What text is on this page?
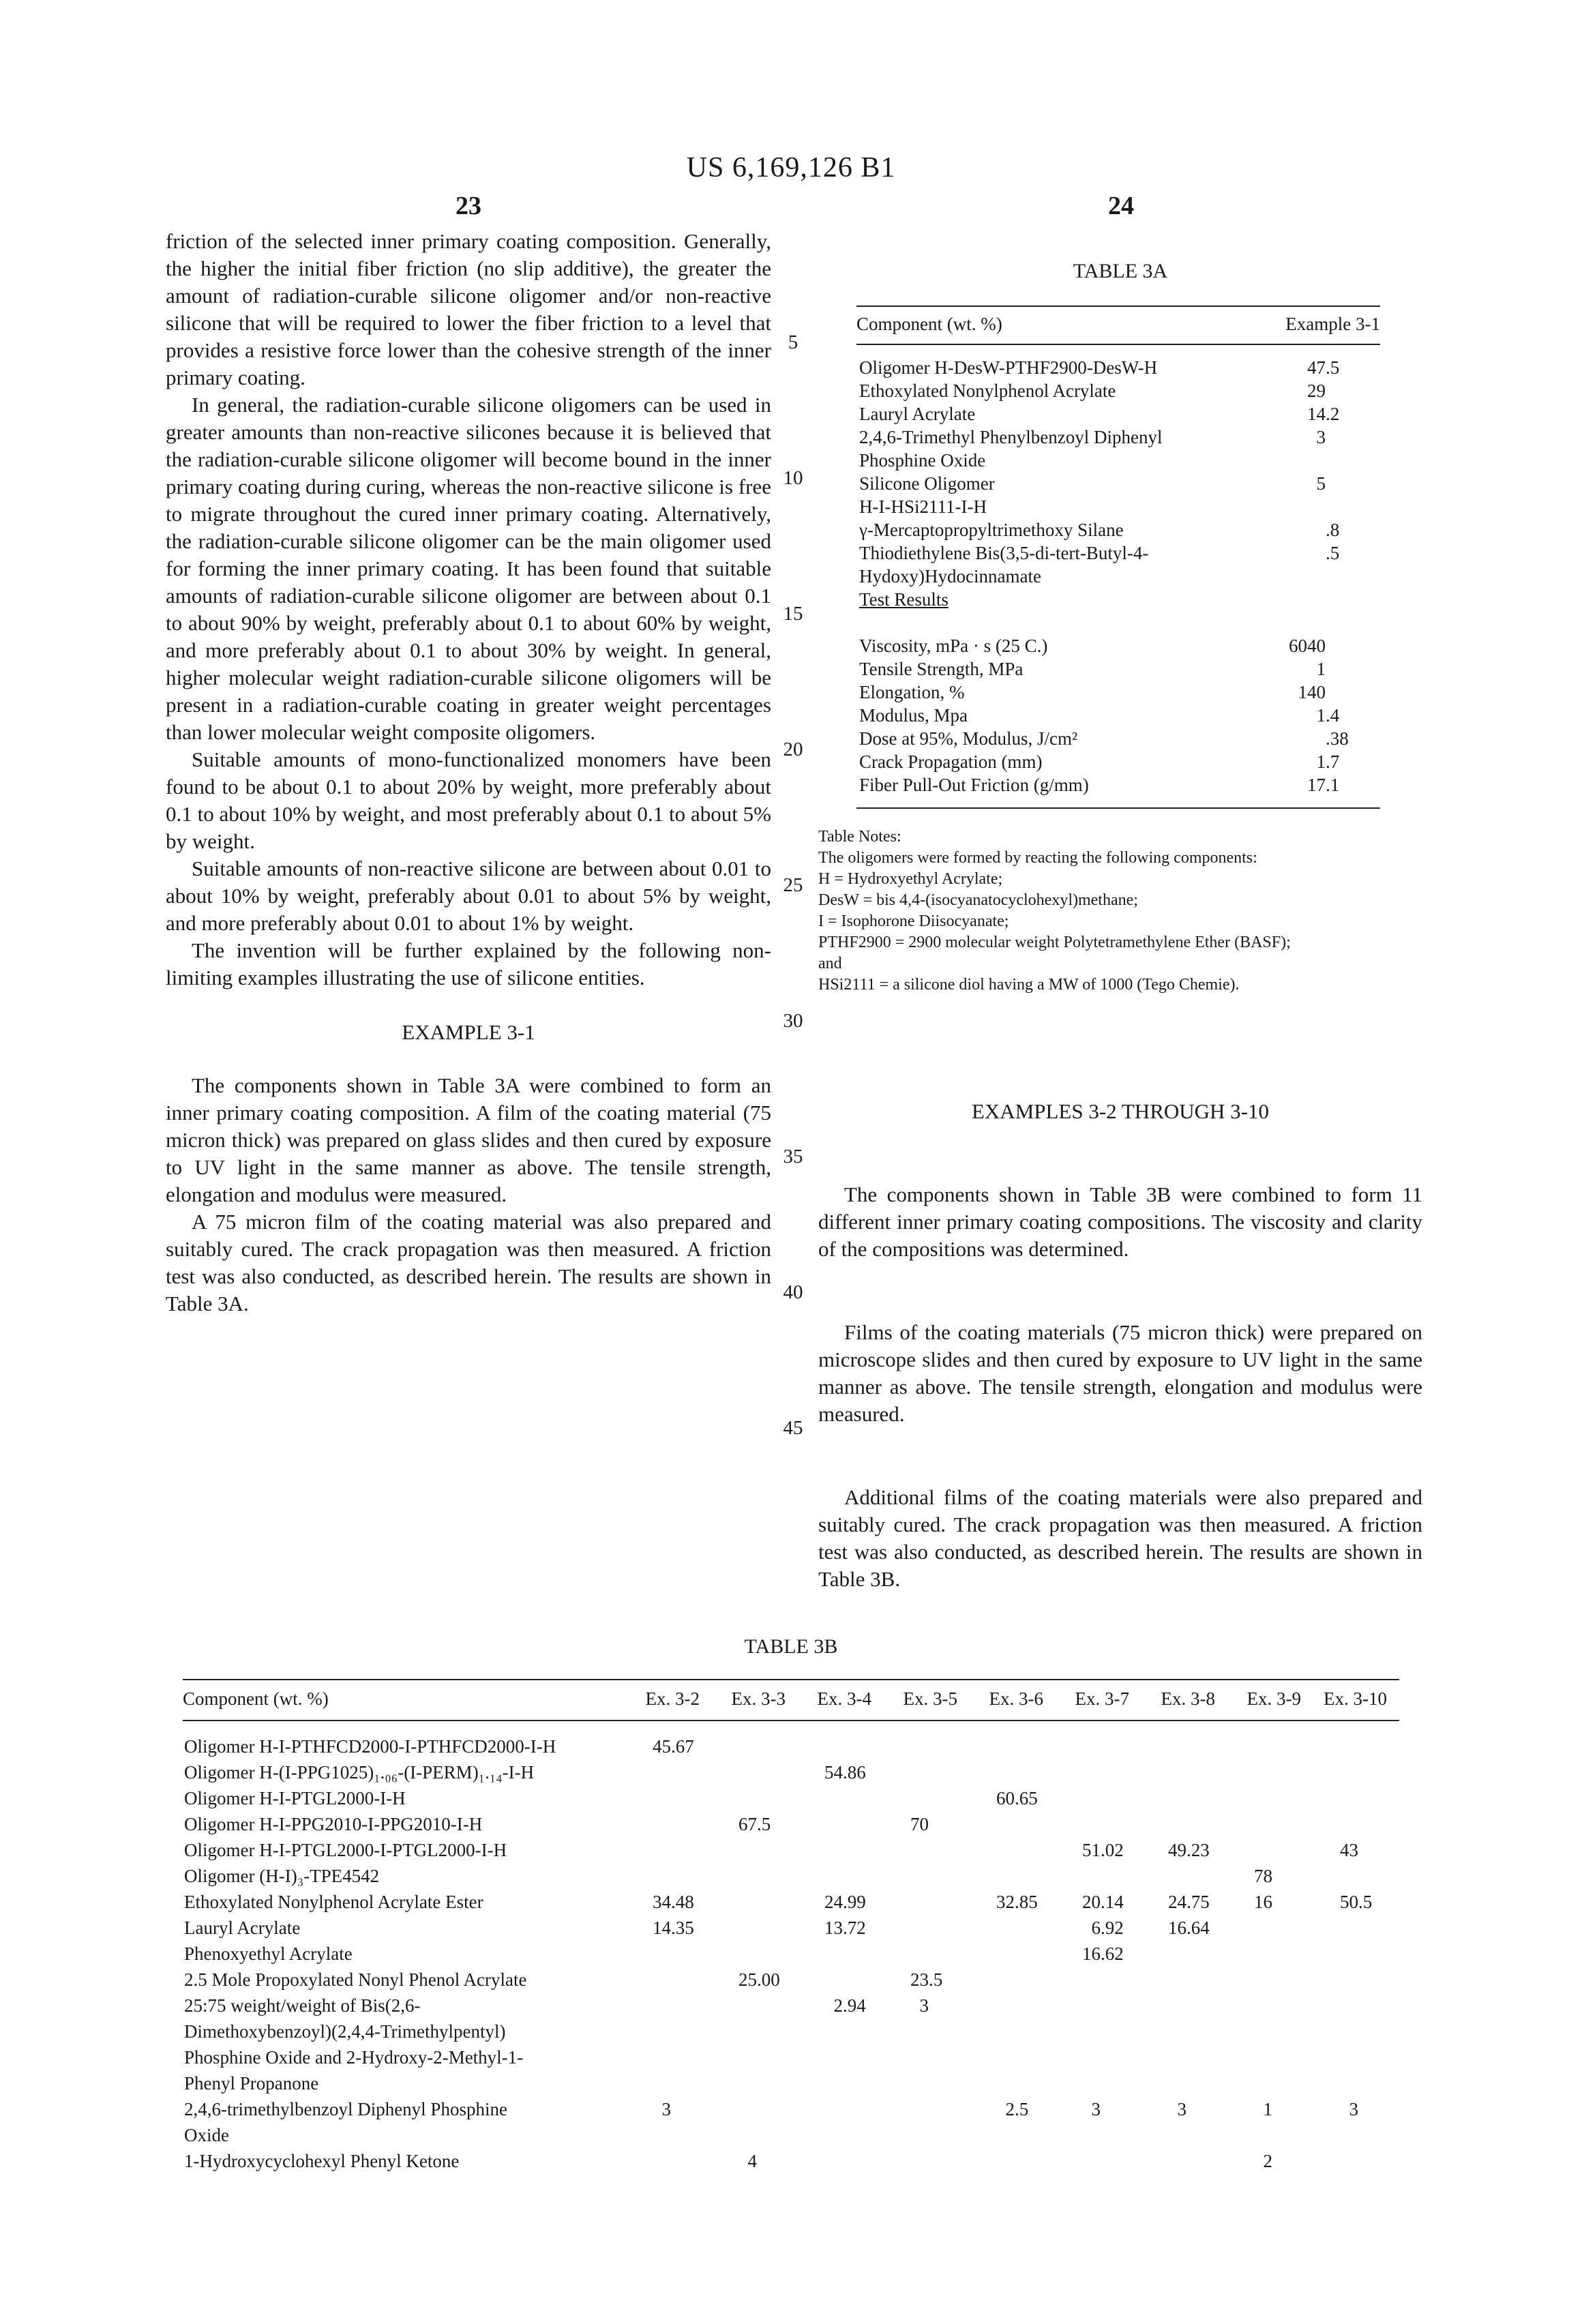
US 6,169,126 B1
23	24

friction of the selected inner primary coating composition. Generally, the higher the initial fiber friction (no slip additive), the greater the amount of radiation-curable silicone oligomer and/or non-reactive silicone that will be required to lower the fiber friction to a level that provides a resistive force lower than the cohesive strength of the inner primary coating.

In general, the radiation-curable silicone oligomers can be used in greater amounts than non-reactive silicones because it is believed that the radiation-curable silicone oligomer will become bound in the inner primary coating during curing, whereas the non-reactive silicone is free to migrate throughout the cured inner primary coating. Alternatively, the radiation-curable silicone oligomer can be the main oligomer used for forming the inner primary coating. It has been found that suitable amounts of radiation-curable silicone oligomer are between about 0.1 to about 90% by weight, preferably about 0.1 to about 60% by weight, and more preferably about 0.1 to about 30% by weight. In general, higher molecular weight radiation-curable silicone oligomers will be present in a radiation-curable coating in greater weight percentages than lower molecular weight composite oligomers.

Suitable amounts of mono-functionalized monomers have been found to be about 0.1 to about 20% by weight, more preferably about 0.1 to about 10% by weight, and most preferably about 0.1 to about 5% by weight.

Suitable amounts of non-reactive silicone are between about 0.01 to about 10% by weight, preferably about 0.01 to about 5% by weight, and more preferably about 0.01 to about 1% by weight.

The invention will be further explained by the following non-limiting examples illustrating the use of silicone entities.

EXAMPLE 3-1

The components shown in Table 3A were combined to form an inner primary coating composition. A film of the coating material (75 micron thick) was prepared on glass slides and then cured by exposure to UV light in the same manner as above. The tensile strength, elongation and modulus were measured.

A 75 micron film of the coating material was also prepared and suitably cured. The crack propagation was then measured. A friction test was also conducted, as described herein. The results are shown in Table 3A.

5
10
15
20
25
30
35
40
45
TABLE 3A
Component (wt. %)	Example 3-1

Oligomer H-DesW-PTHF2900-DesW-H	47.5

Ethoxylated Nonylphenol Acrylate	29

Lauryl Acrylate	14.2

2,4,6-Trimethyl Phenylbenzoyl Diphenyl
Phosphine Oxide	3

Silicone Oligomer
H-I-HSi2111-I-H	5

γ-Mercaptopropyltrimethoxy Silane	.8

Thiodiethylene Bis(3,5-di-tert-Butyl-4-
Hydoxy)Hydocinnamate	.5

Test Results	

Viscosity, mPa · s (25 C.)	6040

Tensile Strength, MPa	1

Elongation, %	140

Modulus, Mpa	1.4

Dose at 95%, Modulus, J/cm²	.38

Crack Propagation (mm)	1.7

Fiber Pull-Out Friction (g/mm)	17.1
Table Notes:
The oligomers were formed by reacting the following components:
H = Hydroxyethyl Acrylate;
DesW = bis 4,4-(isocyanatocyclohexyl)methane;
I = Isophorone Diisocyanate;
PTHF2900 = 2900 molecular weight Polytetramethylene Ether (BASF);
and
HSi2111 = a silicone diol having a MW of 1000 (Tego Chemie).
EXAMPLES 3-2 THROUGH 3-10

The components shown in Table 3B were combined to form 11 different inner primary coating compositions. The viscosity and clarity of the compositions was determined.

Films of the coating materials (75 micron thick) were prepared on microscope slides and then cured by exposure to UV light in the same manner as above. The tensile strength, elongation and modulus were measured.

Additional films of the coating materials were also prepared and suitably cured. The crack propagation was then measured. A friction test was also conducted, as described herein. The results are shown in Table 3B.

TABLE 3B
Component (wt. %)	Ex. 3-2	Ex. 3-3	Ex. 3-4	Ex. 3-5	Ex. 3-6	Ex. 3-7	Ex. 3-8	Ex. 3-9	Ex. 3-10

Oligomer H-I-PTHFCD2000-I-PTHFCD2000-I-H	45.67								

Oligomer H-(I-PPG1025)₁.₀₆-(I-PERM)₁.₁₄-I-H			54.86						

Oligomer H-I-PTGL2000-I-H					60.65				

Oligomer H-I-PPG2010-I-PPG2010-I-H		67.5		70					

Oligomer H-I-PTGL2000-I-PTGL2000-I-H						51.02	49.23		43

Oligomer (H-I)₃-TPE4542								78	

Ethoxylated Nonylphenol Acrylate Ester	34.48		24.99		32.85	20.14	24.75	16	50.5

Lauryl Acrylate	14.35		13.72			6.92	16.64		

Phenoxyethyl Acrylate						16.62			

2.5 Mole Propoxylated Nonyl Phenol Acrylate		25.00		23.5					

25:75 weight/weight of Bis(2,6-
Dimethoxybenzoyl)(2,4,4-Trimethylpentyl)
Phosphine Oxide and 2-Hydroxy-2-Methyl-1-
Phenyl Propanone			2.94	3					

2,4,6-trimethylbenzoyl Diphenyl Phosphine
Oxide	3				2.5	3	3	1	3

1-Hydroxycyclohexyl Phenyl Ketone		4						2	
